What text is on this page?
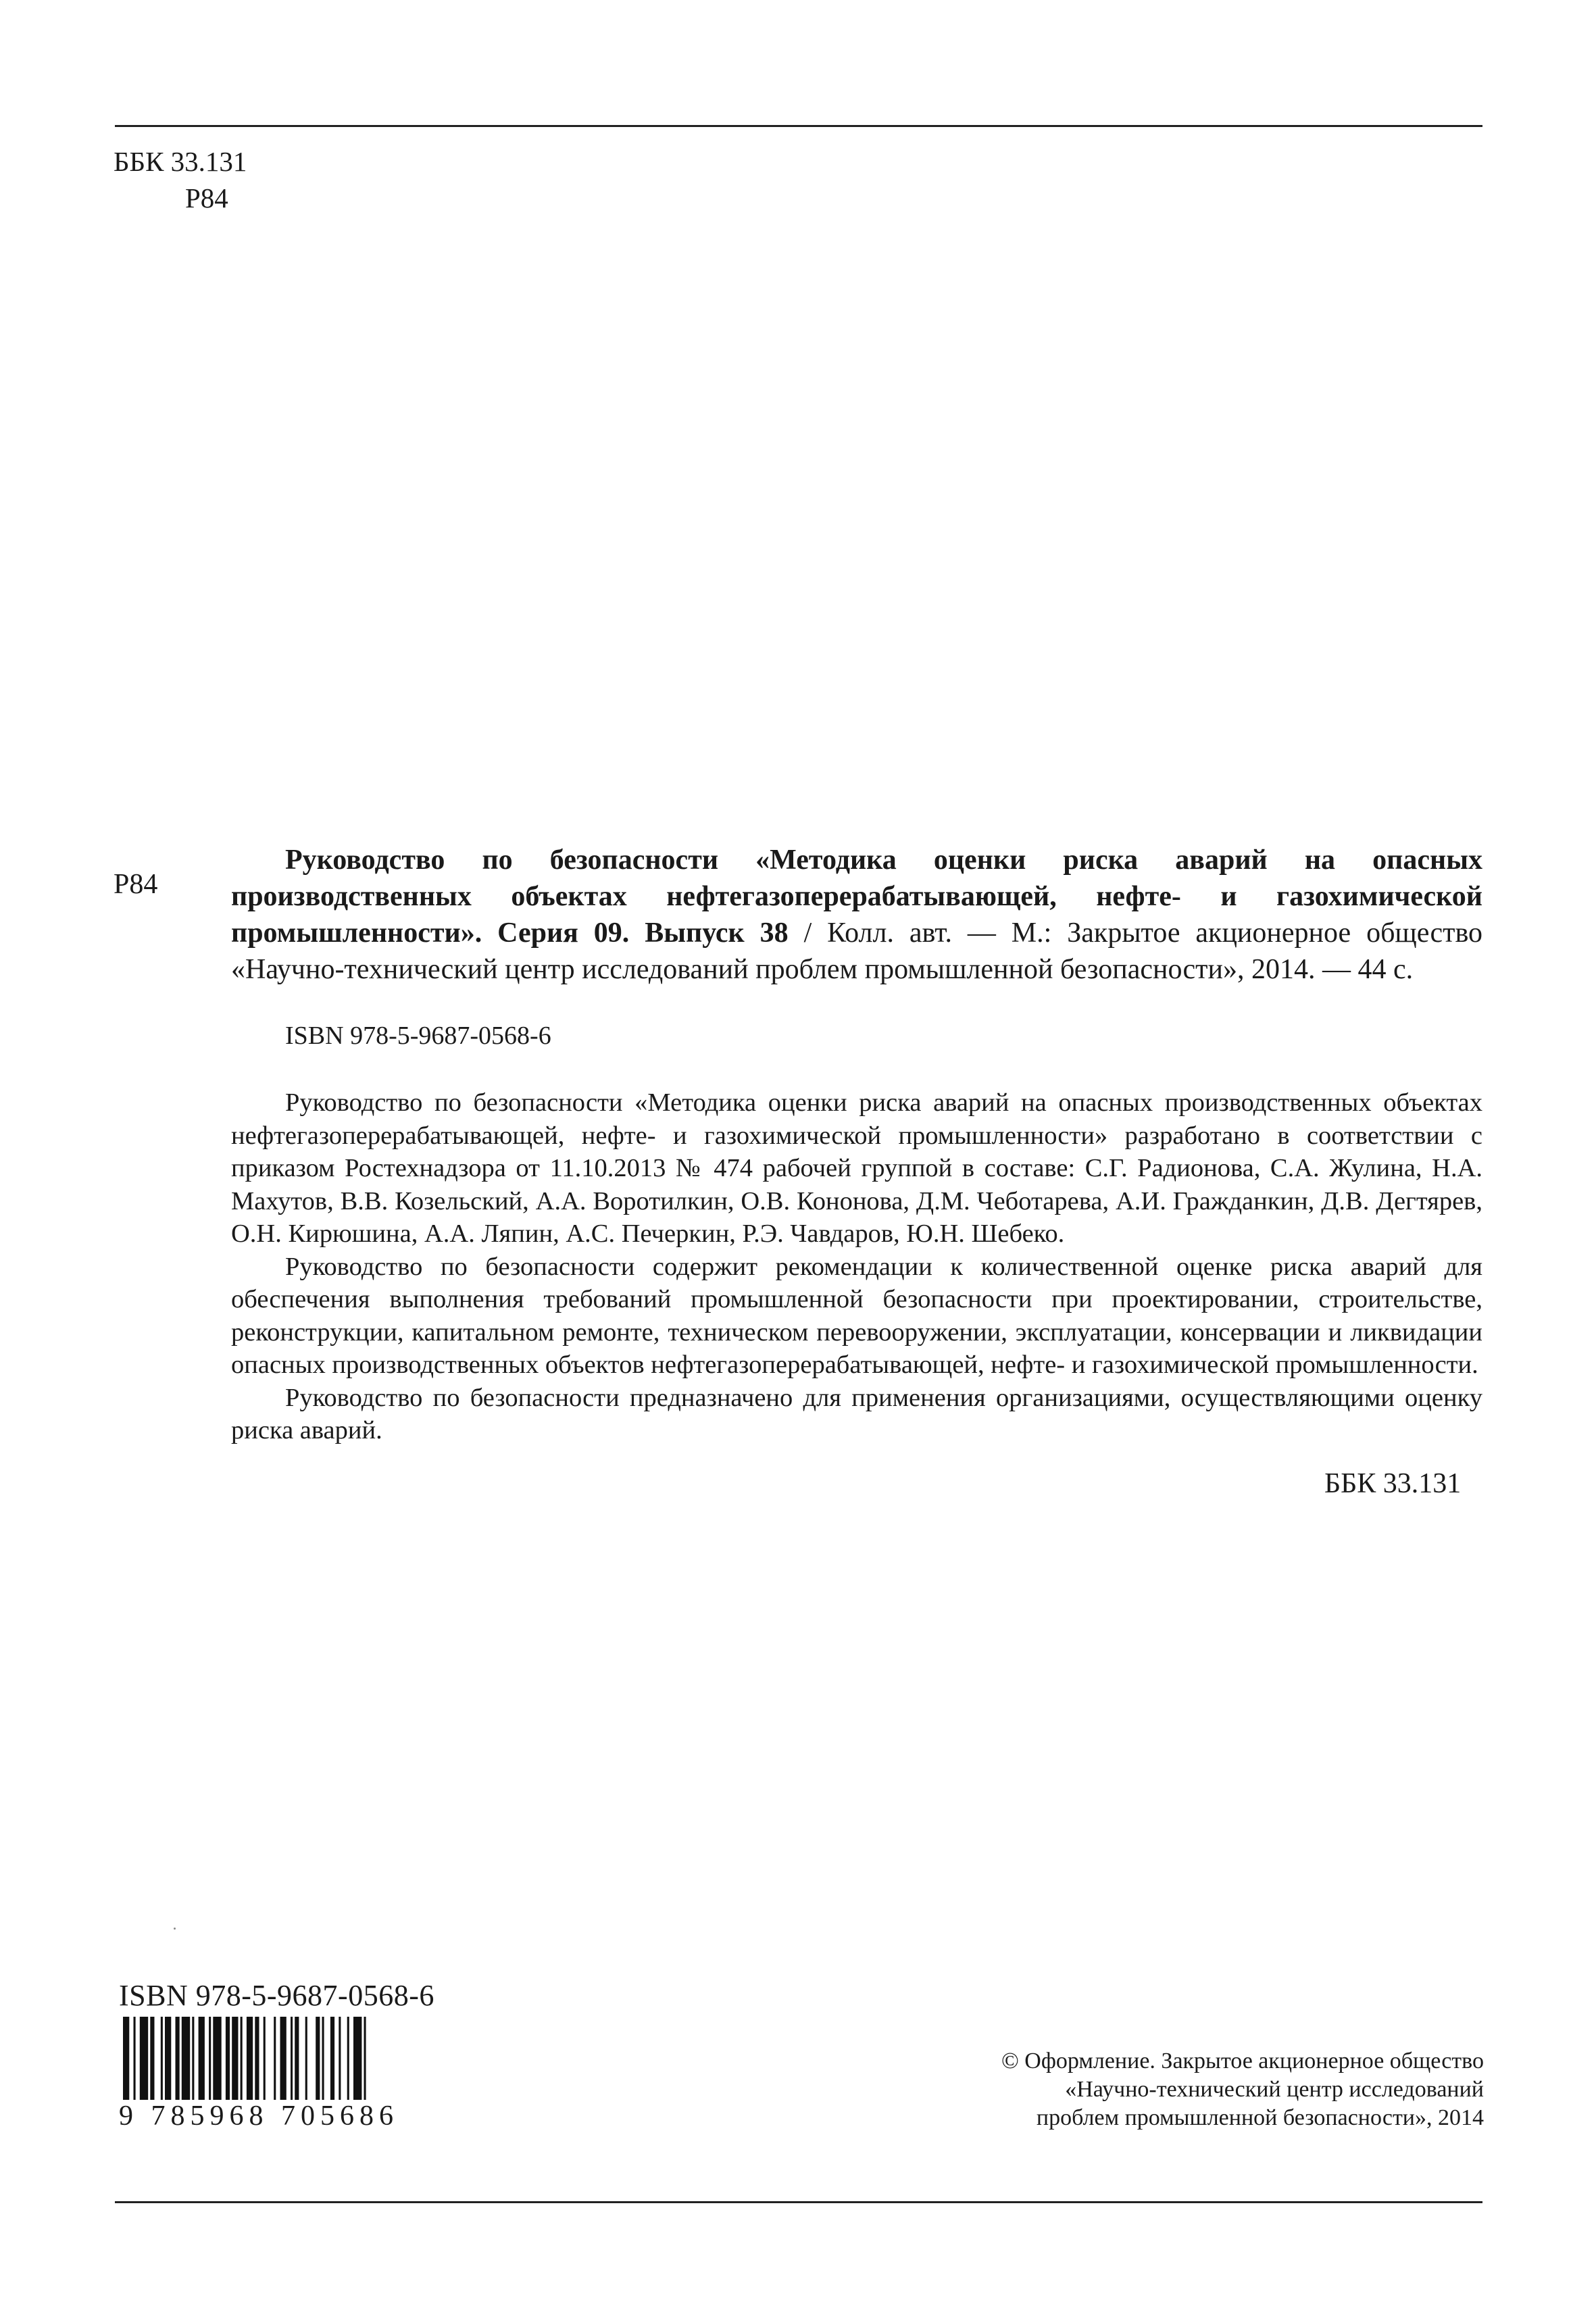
ББК 33.131
Р84
Р84
Руководство по безопасности «Методика оценки риска аварий на опасных производственных объектах нефтегазоперерабатывающей, нефте- и газохимической промышленности». Серия 09. Выпуск 38 / Колл. авт. — М.: Закрытое акционерное общество «Научно-технический центр исследований проблем промышленной безопасности», 2014. — 44 с.
ISBN 978-5-9687-0568-6

Руководство по безопасности «Методика оценки риска аварий на опасных производственных объектах нефтегазоперерабатывающей, нефте- и газохимической промышленности» разработано в соответствии с приказом Ростехнадзора от 11.10.2013 № 474 рабочей группой в составе: С.Г. Радионова, С.А. Жулина, Н.А. Махутов, В.В. Козельский, А.А. Воротилкин, О.В. Кононова, Д.М. Чеботарева, А.И. Гражданкин, Д.В. Дегтярев, О.Н. Кирюшина, А.А. Ляпин, А.С. Печеркин, Р.Э. Чавдаров, Ю.Н. Шебеко.

Руководство по безопасности содержит рекомендации к количественной оценке риска аварий для обеспечения выполнения требований промышленной безопасности при проектировании, строительстве, реконструкции, капитальном ремонте, техническом перевооружении, эксплуатации, консервации и ликвидации опасных производственных объектов нефтегазоперерабатывающей, нефте- и газохимической промышленности.

Руководство по безопасности предназначено для применения организациями, осуществляющими оценку риска аварий.

ББК 33.131
ISBN 978-5-9687-0568-6
9 785968 705686
© Оформление. Закрытое акционерное общество
«Научно-технический центр исследований
проблем промышленной безопасности», 2014
